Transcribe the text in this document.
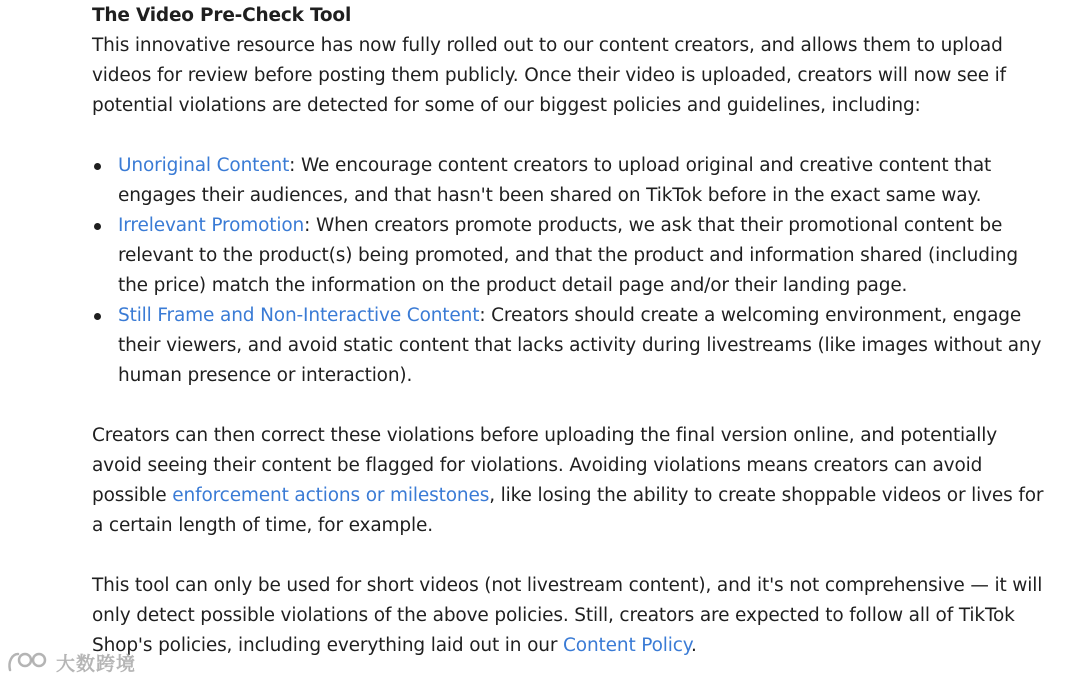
The Video Pre-Check Tool

This innovative resource has now fully rolled out to our content creators, and allows them to upload videos for review before posting them publicly. Once their video is uploaded, creators will now see if potential violations are detected for some of our biggest policies and guidelines, including:

Unoriginal Content: We encourage content creators to upload original and creative content that engages their audiences, and that hasn't been shared on TikTok before in the exact same way.
Irrelevant Promotion: When creators promote products, we ask that their promotional content be relevant to the product(s) being promoted, and that the product and information shared (including the price) match the information on the product detail page and/or their landing page.
Still Frame and Non-Interactive Content: Creators should create a welcoming environment, engage their viewers, and avoid static content that lacks activity during livestreams (like images without any human presence or interaction).

Creators can then correct these violations before uploading the final version online, and potentially avoid seeing their content be flagged for violations. Avoiding violations means creators can avoid possible enforcement actions or milestones, like losing the ability to create shoppable videos or lives for a certain length of time, for example.

This tool can only be used for short videos (not livestream content), and it's not comprehensive — it will only detect possible violations of the above policies. Still, creators are expected to follow all of TikTok Shop's policies, including everything laid out in our Content Policy.

大数跨境
